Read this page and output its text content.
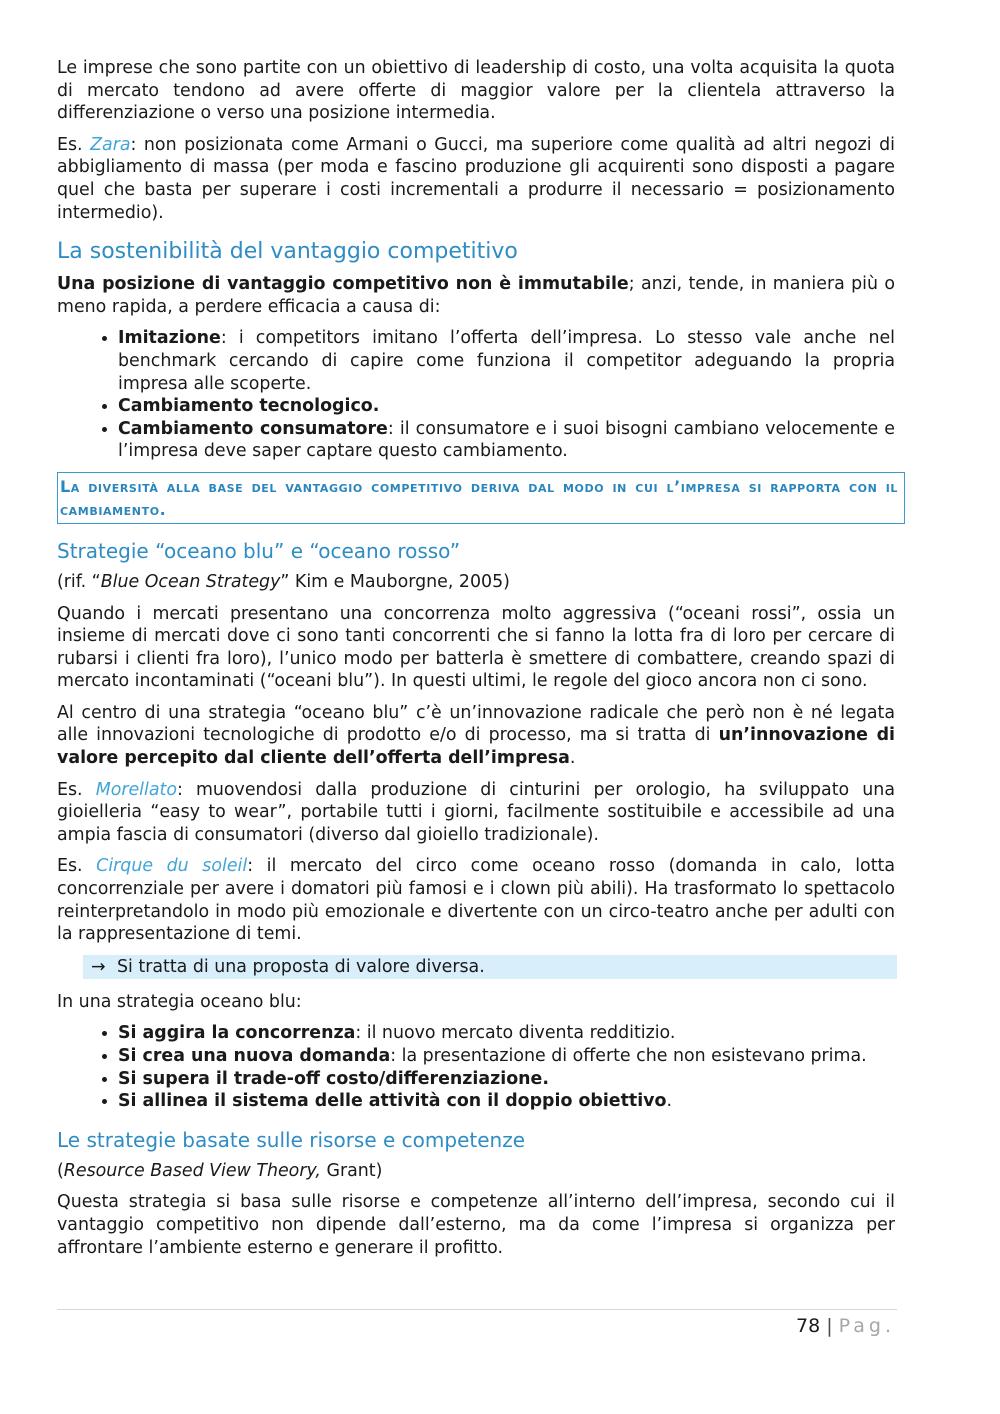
Le imprese che sono partite con un obiettivo di leadership di costo, una volta acquisita la quota di mercato tendono ad avere offerte di maggior valore per la clientela attraverso la differenziazione o verso una posizione intermedia.

Es. Zara: non posizionata come Armani o Gucci, ma superiore come qualità ad altri negozi di abbigliamento di massa (per moda e fascino produzione gli acquirenti sono disposti a pagare quel che basta per superare i costi incrementali a produrre il necessario = posizionamento intermedio).

La sostenibilità del vantaggio competitivo

Una posizione di vantaggio competitivo non è immutabile; anzi, tende, in maniera più o meno rapida, a perdere efficacia a causa di:

• Imitazione: i competitors imitano l’offerta dell’impresa. Lo stesso vale anche nel benchmark cercando di capire come funziona il competitor adeguando la propria impresa alle scoperte.
• Cambiamento tecnologico.
• Cambiamento consumatore: il consumatore e i suoi bisogni cambiano velocemente e l’impresa deve saper captare questo cambiamento.
La diversità alla base del vantaggio competitivo deriva dal modo in cui l’impresa si rapporta con il cambiamento.
Strategie “oceano blu” e “oceano rosso”

(rif. “Blue Ocean Strategy” Kim e Mauborgne, 2005)

Quando i mercati presentano una concorrenza molto aggressiva (“oceani rossi”, ossia un insieme di mercati dove ci sono tanti concorrenti che si fanno la lotta fra di loro per cercare di rubarsi i clienti fra loro), l’unico modo per batterla è smettere di combattere, creando spazi di mercato incontaminati (“oceani blu”). In questi ultimi, le regole del gioco ancora non ci sono.

Al centro di una strategia “oceano blu” c’è un’innovazione radicale che però non è né legata alle innovazioni tecnologiche di prodotto e/o di processo, ma si tratta di un’innovazione di valore percepito dal cliente dell’offerta dell’impresa.

Es. Morellato: muovendosi dalla produzione di cinturini per orologio, ha sviluppato una gioielleria “easy to wear”, portabile tutti i giorni, facilmente sostituibile e accessibile ad una ampia fascia di consumatori (diverso dal gioiello tradizionale).

Es. Cirque du soleil: il mercato del circo come oceano rosso (domanda in calo, lotta concorrenziale per avere i domatori più famosi e i clown più abili). Ha trasformato lo spettacolo reinterpretandolo in modo più emozionale e divertente con un circo-teatro anche per adulti con la rappresentazione di temi.

→ Si tratta di una proposta di valore diversa.

In una strategia oceano blu:

• Si aggira la concorrenza: il nuovo mercato diventa redditizio.
• Si crea una nuova domanda: la presentazione di offerte che non esistevano prima.
• Si supera il trade-off costo/differenziazione.
• Si allinea il sistema delle attività con il doppio obiettivo.
Le strategie basate sulle risorse e competenze

(Resource Based View Theory, Grant)

Questa strategia si basa sulle risorse e competenze all’interno dell’impresa, secondo cui il vantaggio competitivo non dipende dall’esterno, ma da come l’impresa si organizza per affrontare l’ambiente esterno e generare il profitto.

78 | Pag.
